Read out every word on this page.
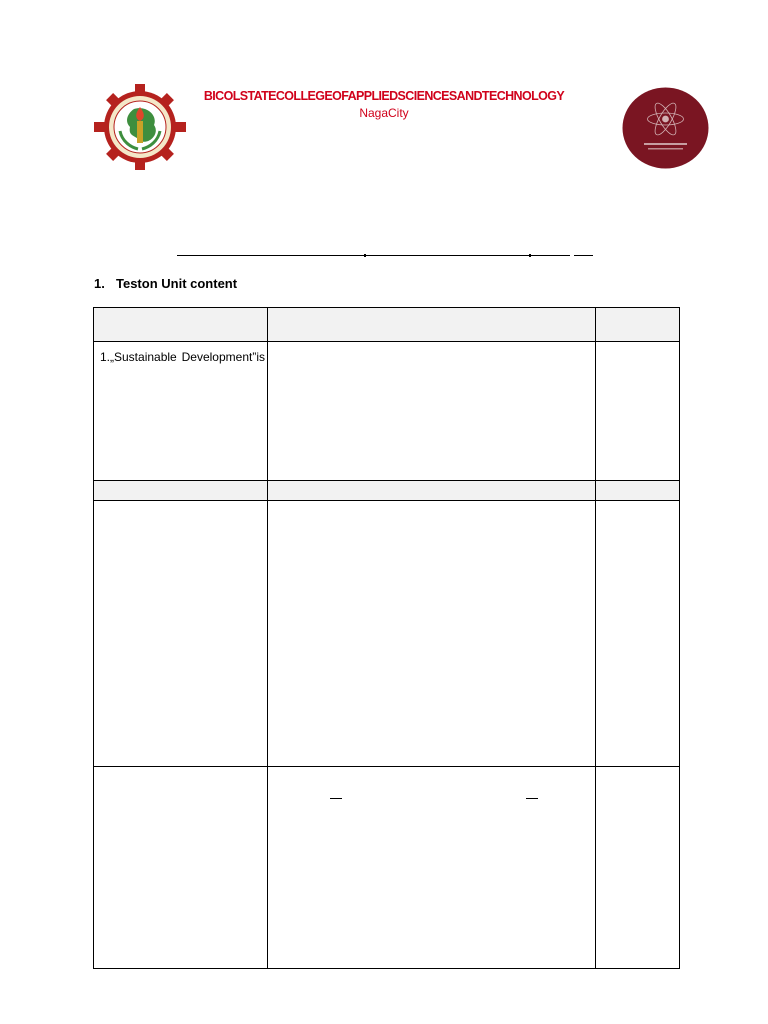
BICOLSTATECOLLEGEOFAPPLIEDSCIENCESANDTECHNOLOGY
NagaCity
1. Teston Unit content
1.„Sustainable Development”is
